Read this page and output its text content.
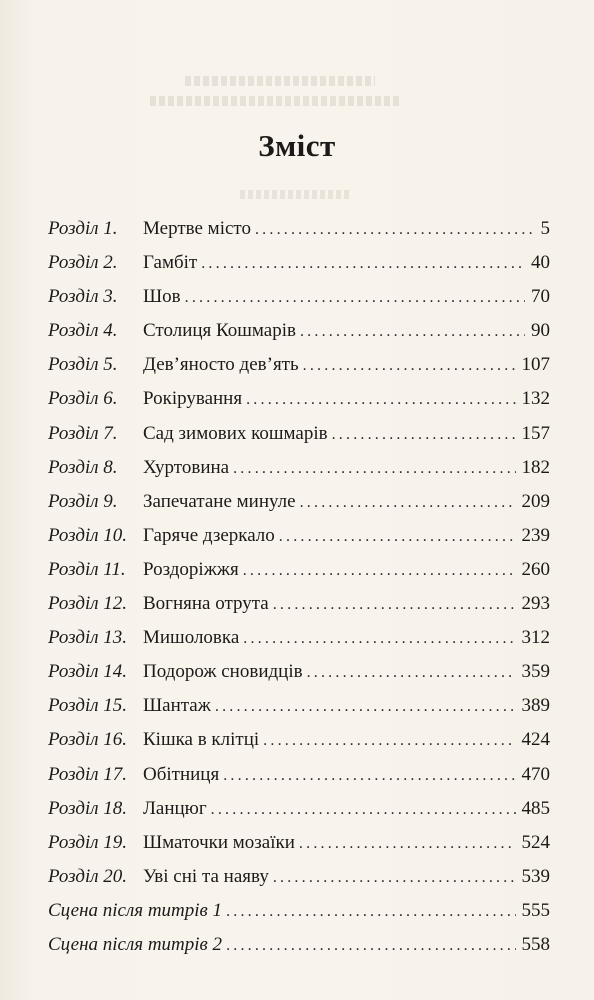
Зміст
Розділ 1. Мертве місто .....	5
Розділ 2. Гамбіт .....	40
Розділ 3. Шов .....	70
Розділ 4. Столиця Кошмарів .....	90
Розділ 5. Дев’яносто дев’ять .....	107
Розділ 6. Рокірування .....	132
Розділ 7. Сад зимових кошмарів .....	157
Розділ 8. Хуртовина .....	182
Розділ 9. Запечатане минуле .....	209
Розділ 10. Гаряче дзеркало .....	239
Розділ 11. Роздоріжжя .....	260
Розділ 12. Вогняна отрута .....	293
Розділ 13. Мишоловка .....	312
Розділ 14. Подорож сновидців .....	359
Розділ 15. Шантаж .....	389
Розділ 16. Кішка в клітці .....	424
Розділ 17. Обітниця .....	470
Розділ 18. Ланцюг .....	485
Розділ 19. Шматочки мозаїки .....	524
Розділ 20. Уві сні та наяву .....	539
Сцена після титрів 1 .....	555
Сцена після титрів 2 .....	558
